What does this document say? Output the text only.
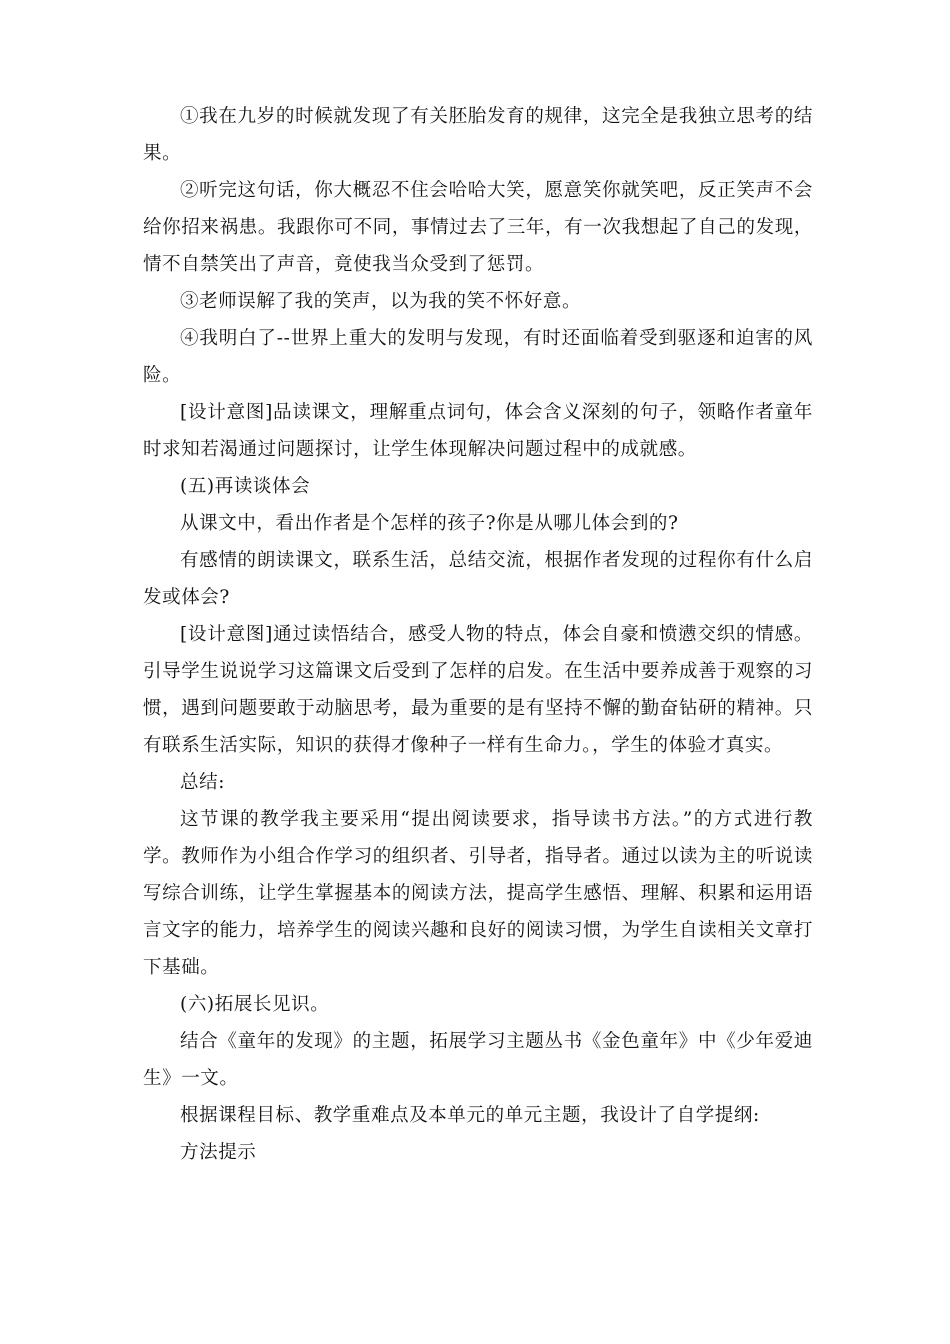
①我在九岁的时候就发现了有关胚胎发育的规律，这完全是我独立思考的结果。

②听完这句话，你大概忍不住会哈哈大笑，愿意笑你就笑吧，反正笑声不会给你招来祸患。我跟你可不同，事情过去了三年，有一次我想起了自己的发现，情不自禁笑出了声音，竟使我当众受到了惩罚。

③老师误解了我的笑声，以为我的笑不怀好意。

④我明白了--世界上重大的发明与发现，有时还面临着受到驱逐和迫害的风险。

[设计意图]品读课文，理解重点词句，体会含义深刻的句子，领略作者童年时求知若渴通过问题探讨，让学生体现解决问题过程中的成就感。

(五)再读谈体会

从课文中，看出作者是个怎样的孩子?你是从哪儿体会到的?

有感情的朗读课文，联系生活，总结交流，根据作者发现的过程你有什么启发或体会?

[设计意图]通过读悟结合，感受人物的特点，体会自豪和愤懑交织的情感。引导学生说说学习这篇课文后受到了怎样的启发。在生活中要养成善于观察的习惯，遇到问题要敢于动脑思考，最为重要的是有坚持不懈的勤奋钻研的精神。只有联系生活实际，知识的获得才像种子一样有生命力。，学生的体验才真实。

总结:

这节课的教学我主要采用“提出阅读要求，指导读书方法。”的方式进行教学。教师作为小组合作学习的组织者、引导者，指导者。通过以读为主的听说读写综合训练，让学生掌握基本的阅读方法，提高学生感悟、理解、积累和运用语言文字的能力，培养学生的阅读兴趣和良好的阅读习惯，为学生自读相关文章打下基础。

(六)拓展长见识。

结合《童年的发现》的主题，拓展学习主题丛书《金色童年》中《少年爱迪生》一文。

根据课程目标、教学重难点及本单元的单元主题，我设计了自学提纲:

方法提示
